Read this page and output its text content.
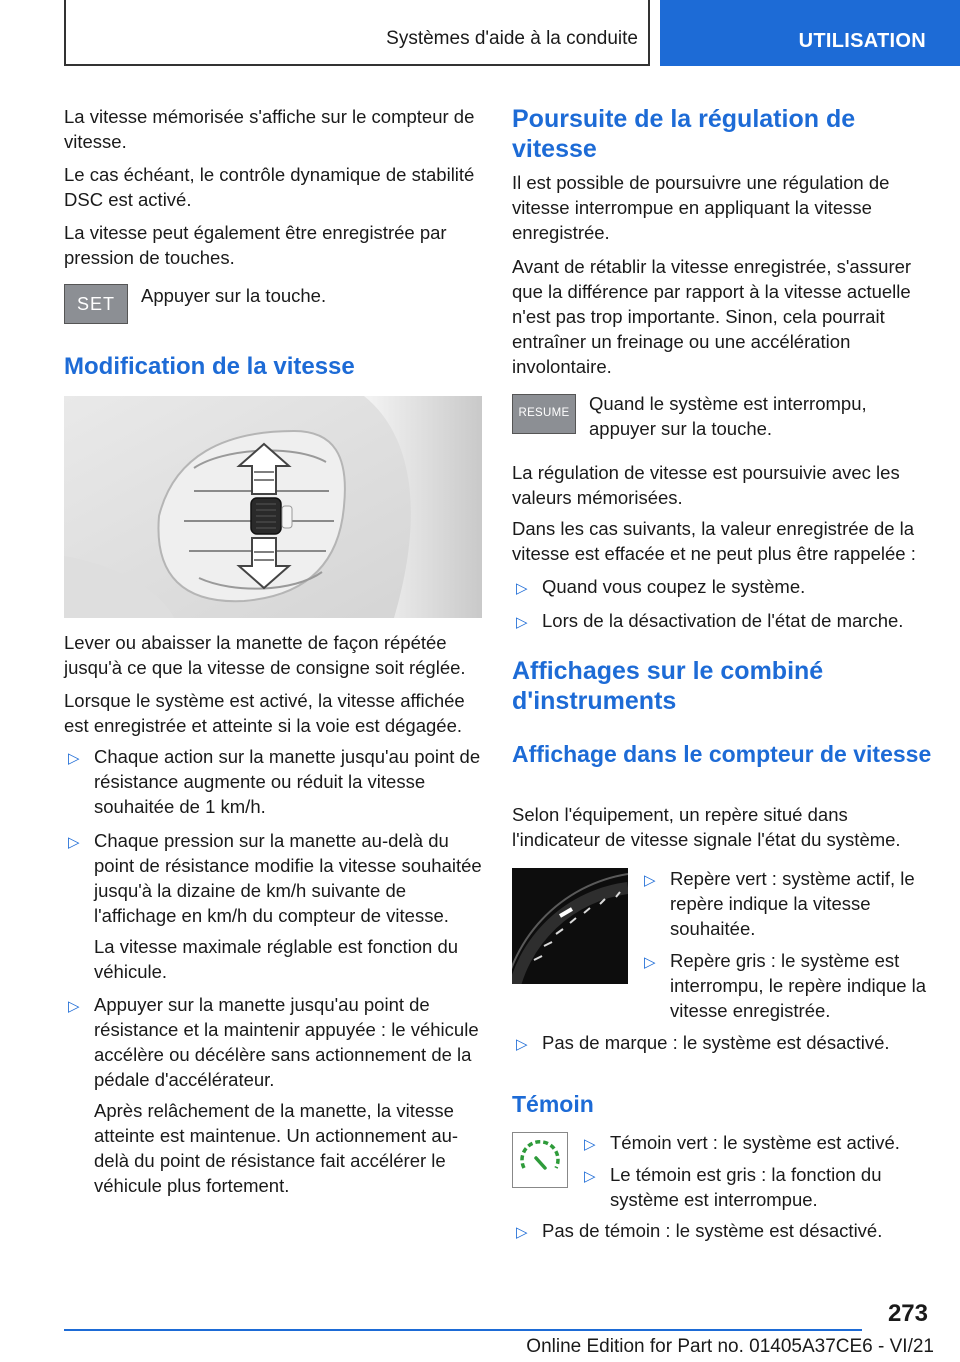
Systèmes d'aide à la conduite	UTILISATION

La vitesse mémorisée s'affiche sur le compteur de vitesse.

Le cas échéant, le contrôle dynamique de stabilité DSC est activé.

La vitesse peut également être enregistrée par pression de touches.

SET	Appuyer sur la touche.

Modification de la vitesse

Lever ou abaisser la manette de façon répétée jusqu'à ce que la vitesse de consigne soit réglée.

Lorsque le système est activé, la vitesse affichée est enregistrée et atteinte si la voie est dégagée.

▷ Chaque action sur la manette jusqu'au point de résistance augmente ou réduit la vitesse souhaitée de 1 km/h.
▷ Chaque pression sur la manette au-delà du point de résistance modifie la vitesse souhaitée jusqu'à la dizaine de km/h suivante de l'affichage en km/h du compteur de vitesse.

La vitesse maximale réglable est fonction du véhicule.

▷ Appuyer sur la manette jusqu'au point de résistance et la maintenir appuyée : le véhicule accélère ou décélère sans actionnement de la pédale d'accélérateur.

Après relâchement de la manette, la vitesse atteinte est maintenue. Un actionnement au-delà du point de résistance fait accélérer le véhicule plus fortement.

Poursuite de la régulation de vitesse

Il est possible de poursuivre une régulation de vitesse interrompue en appliquant la vitesse enregistrée.

Avant de rétablir la vitesse enregistrée, s'assurer que la différence par rapport à la vitesse actuelle n'est pas trop importante. Sinon, cela pourrait entraîner un freinage ou une accélération involontaire.

RESUME Quand le système est interrompu, appuyer sur la touche.

La régulation de vitesse est poursuivie avec les valeurs mémorisées.

Dans les cas suivants, la valeur enregistrée de la vitesse est effacée et ne peut plus être rappelée :

▷ Quand vous coupez le système.
▷ Lors de la désactivation de l'état de marche.
Affichages sur le combiné d'instruments
Affichage dans le compteur de vitesse

Selon l'équipement, un repère situé dans l'indicateur de vitesse signale l'état du système.

▷ Repère vert : système actif, le repère indique la vitesse souhaitée.
▷ Repère gris : le système est interrompu, le repère indique la vitesse enregistrée.
▷ Pas de marque : le système est désactivé.
Témoin
▷ Témoin vert : le système est activé.
▷ Le témoin est gris : la fonction du système est interrompue.
▷ Pas de témoin : le système est désactivé.
273
Online Edition for Part no. 01405A37CE6 - VI/21
